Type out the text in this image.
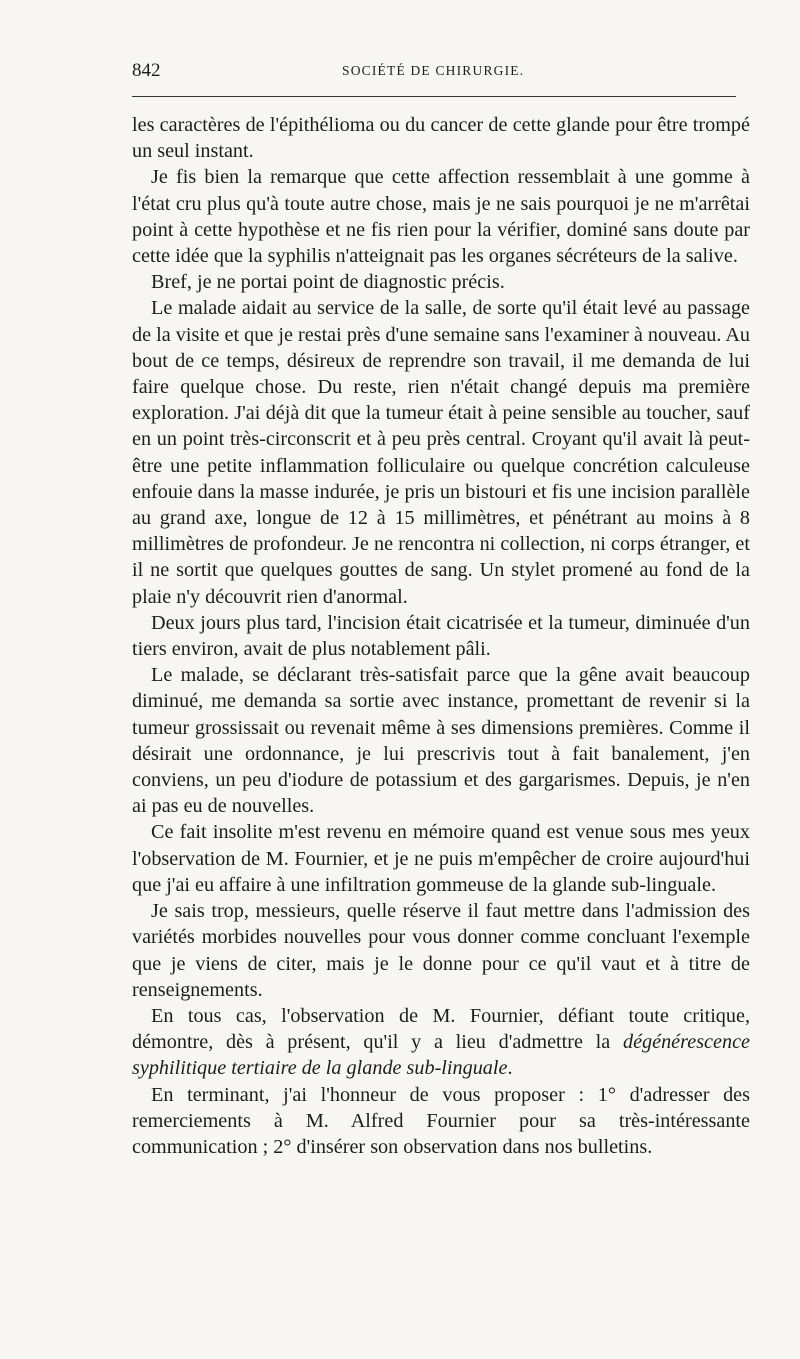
842	SOCIÉTÉ DE CHIRURGIE.

les caractères de l'épithélioma ou du cancer de cette glande pour être trompé un seul instant.

Je fis bien la remarque que cette affection ressemblait à une gomme à l'état cru plus qu'à toute autre chose, mais je ne sais pourquoi je ne m'arrêtai point à cette hypothèse et ne fis rien pour la vérifier, dominé sans doute par cette idée que la syphilis n'atteignait pas les organes sécréteurs de la salive.

Bref, je ne portai point de diagnostic précis.

Le malade aidait au service de la salle, de sorte qu'il était levé au passage de la visite et que je restai près d'une semaine sans l'examiner à nouveau. Au bout de ce temps, désireux de reprendre son travail, il me demanda de lui faire quelque chose. Du reste, rien n'était changé depuis ma première exploration. J'ai déjà dit que la tumeur était à peine sensible au toucher, sauf en un point très-circonscrit et à peu près central. Croyant qu'il avait là peut-être une petite inflammation folliculaire ou quelque concrétion calculeuse enfouie dans la masse indurée, je pris un bistouri et fis une incision parallèle au grand axe, longue de 12 à 15 millimètres, et pénétrant au moins à 8 millimètres de profondeur. Je ne rencontra ni collection, ni corps étranger, et il ne sortit que quelques gouttes de sang. Un stylet promené au fond de la plaie n'y découvrit rien d'anormal.

Deux jours plus tard, l'incision était cicatrisée et la tumeur, diminuée d'un tiers environ, avait de plus notablement pâli.

Le malade, se déclarant très-satisfait parce que la gêne avait beaucoup diminué, me demanda sa sortie avec instance, promettant de revenir si la tumeur grossissait ou revenait même à ses dimensions premières. Comme il désirait une ordonnance, je lui prescrivis tout à fait banalement, j'en conviens, un peu d'iodure de potassium et des gargarismes. Depuis, je n'en ai pas eu de nouvelles.

Ce fait insolite m'est revenu en mémoire quand est venue sous mes yeux l'observation de M. Fournier, et je ne puis m'empêcher de croire aujourd'hui que j'ai eu affaire à une infiltration gommeuse de la glande sub-linguale.

Je sais trop, messieurs, quelle réserve il faut mettre dans l'admission des variétés morbides nouvelles pour vous donner comme concluant l'exemple que je viens de citer, mais je le donne pour ce qu'il vaut et à titre de renseignements.

En tous cas, l'observation de M. Fournier, défiant toute critique, démontre, dès à présent, qu'il y a lieu d'admettre la dégénérescence syphilitique tertiaire de la glande sub-linguale.

En terminant, j'ai l'honneur de vous proposer : 1° d'adresser des remerciements à M. Alfred Fournier pour sa très-intéressante communication ; 2° d'insérer son observation dans nos bulletins.
